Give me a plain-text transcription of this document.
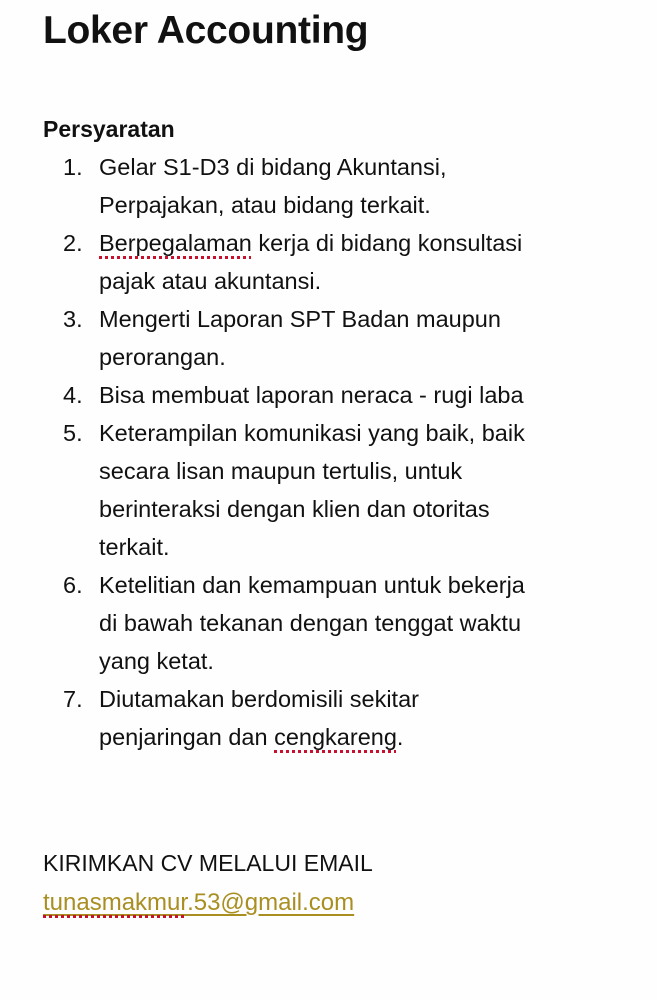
Loker Accounting
Persyaratan
1. Gelar S1-D3 di bidang Akuntansi,
Perpajakan, atau bidang terkait.
2. Berpegalaman kerja di bidang konsultasi
pajak atau akuntansi.
3. Mengerti Laporan SPT Badan maupun
perorangan.
4. Bisa membuat laporan neraca - rugi laba
5. Keterampilan komunikasi yang baik, baik
secara lisan maupun tertulis, untuk
berinteraksi dengan klien dan otoritas
terkait.
6. Ketelitian dan kemampuan untuk bekerja
di bawah tekanan dengan tenggat waktu
yang ketat.
7. Diutamakan berdomisili sekitar
penjaringan dan cengkareng.
KIRIMKAN CV MELALUI EMAIL
tunasmakmur.53@gmail.com
